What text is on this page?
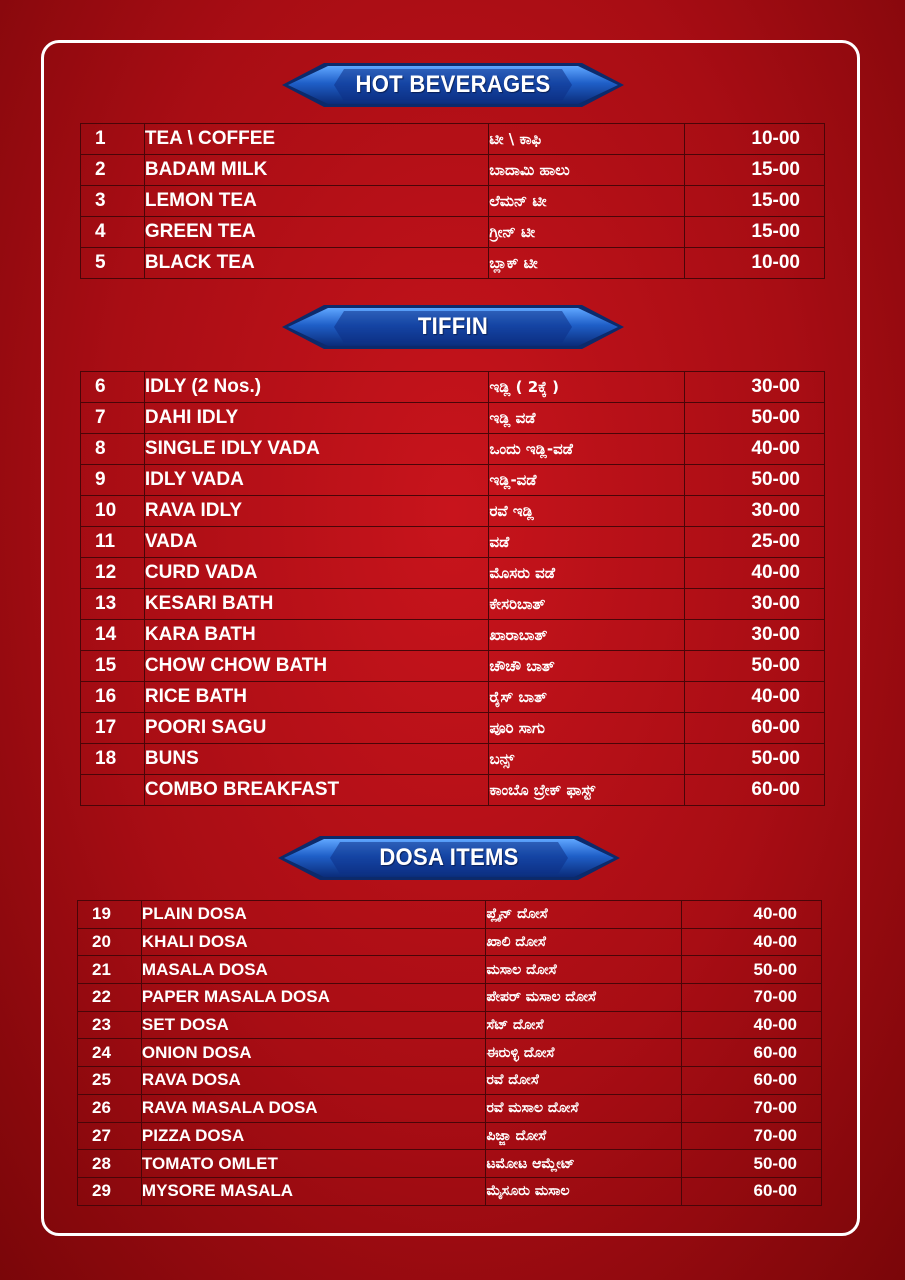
HOT BEVERAGES
1	TEA \ COFFEE	ಟೀ \ ಕಾಫಿ	10-00
2	BADAM MILK	ಬಾದಾಮಿ ಹಾಲು	15-00
3	LEMON TEA	ಲೆಮನ್ ಟೀ	15-00
4	GREEN TEA	ಗ್ರೀನ್ ಟೀ	15-00
5	BLACK TEA	ಬ್ಲಾಕ್ ಟೀ	10-00
TIFFIN
6	IDLY (2 Nos.)	ಇಡ್ಲಿ ( 2ಕ್ಕೆ )	30-00
7	DAHI IDLY	ಇಡ್ಲಿ ವಡೆ	50-00
8	SINGLE IDLY VADA	ಒಂದು ಇಡ್ಲಿ-ವಡೆ	40-00
9	IDLY VADA	ಇಡ್ಲಿ-ವಡೆ	50-00
10	RAVA IDLY	ರವೆ ಇಡ್ಲಿ	30-00
11	VADA	ವಡೆ	25-00
12	CURD VADA	ಮೊಸರು ವಡೆ	40-00
13	KESARI BATH	ಕೇಸರಿಬಾತ್	30-00
14	KARA BATH	ಖಾರಾಬಾತ್	30-00
15	CHOW CHOW BATH	ಚೌಚೌ ಬಾತ್	50-00
16	RICE BATH	ರೈಸ್ ಬಾತ್	40-00
17	POORI SAGU	ಪೂರಿ ಸಾಗು	60-00
18	BUNS	ಬನ್ಸ್	50-00
	COMBO BREAKFAST	ಕಾಂಬೊ ಬ್ರೇಕ್ ಫಾಸ್ಟ್	60-00
DOSA ITEMS
19	PLAIN DOSA	ಪ್ಲೈನ್ ದೋಸೆ	40-00
20	KHALI DOSA	ಖಾಲಿ ದೋಸೆ	40-00
21	MASALA DOSA	ಮಸಾಲ ದೋಸೆ	50-00
22	PAPER MASALA DOSA	ಪೇಪರ್ ಮಸಾಲ ದೋಸೆ	70-00
23	SET DOSA	ಸೆಟ್ ದೋಸೆ	40-00
24	ONION DOSA	ಈರುಳ್ಳಿ ದೋಸೆ	60-00
25	RAVA DOSA	ರವೆ ದೋಸೆ	60-00
26	RAVA MASALA DOSA	ರವೆ ಮಸಾಲ ದೋಸೆ	70-00
27	PIZZA DOSA	ಪಿಜ್ಜಾ ದೋಸೆ	70-00
28	TOMATO OMLET	ಟಮೋಟ ಆಮ್ಲೇಟ್	50-00
29	MYSORE MASALA	ಮೈಸೂರು ಮಸಾಲ	60-00
